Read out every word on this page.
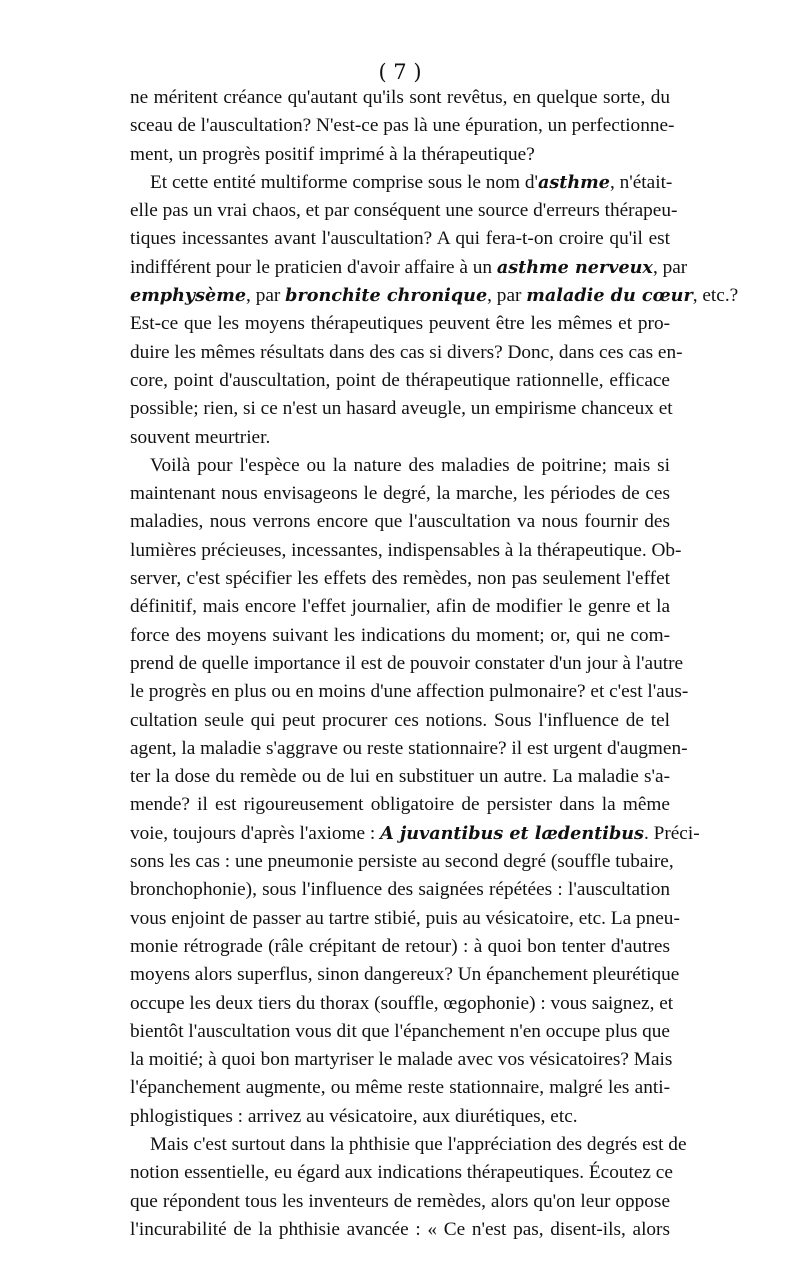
( 7 )
ne méritent créance qu'autant qu'ils sont revêtus, en quelque sorte, du
sceau de l'auscultation? N'est-ce pas là une épuration, un perfectionne-
ment, un progrès positif imprimé à la thérapeutique?
Et cette entité multiforme comprise sous le nom d'asthme, n'était-
elle pas un vrai chaos, et par conséquent une source d'erreurs thérapeu-
tiques incessantes avant l'auscultation? A qui fera-t-on croire qu'il est
indifférent pour le praticien d'avoir affaire à un asthme nerveux, par
emphysème, par bronchite chronique, par maladie du cœur, etc.?
Est-ce que les moyens thérapeutiques peuvent être les mêmes et pro-
duire les mêmes résultats dans des cas si divers? Donc, dans ces cas en-
core, point d'auscultation, point de thérapeutique rationnelle, efficace
possible; rien, si ce n'est un hasard aveugle, un empirisme chanceux et
souvent meurtrier.
Voilà pour l'espèce ou la nature des maladies de poitrine; mais si
maintenant nous envisageons le degré, la marche, les périodes de ces
maladies, nous verrons encore que l'auscultation va nous fournir des
lumières précieuses, incessantes, indispensables à la thérapeutique. Ob-
server, c'est spécifier les effets des remèdes, non pas seulement l'effet
définitif, mais encore l'effet journalier, afin de modifier le genre et la
force des moyens suivant les indications du moment; or, qui ne com-
prend de quelle importance il est de pouvoir constater d'un jour à l'autre
le progrès en plus ou en moins d'une affection pulmonaire? et c'est l'aus-
cultation seule qui peut procurer ces notions. Sous l'influence de tel
agent, la maladie s'aggrave ou reste stationnaire? il est urgent d'augmen-
ter la dose du remède ou de lui en substituer un autre. La maladie s'a-
mende? il est rigoureusement obligatoire de persister dans la même
voie, toujours d'après l'axiome : A juvantibus et lædentibus. Préci-
sons les cas : une pneumonie persiste au second degré (souffle tubaire,
bronchophonie), sous l'influence des saignées répétées : l'auscultation
vous enjoint de passer au tartre stibié, puis au vésicatoire, etc. La pneu-
monie rétrograde (râle crépitant de retour) : à quoi bon tenter d'autres
moyens alors superflus, sinon dangereux? Un épanchement pleurétique
occupe les deux tiers du thorax (souffle, œgophonie) : vous saignez, et
bientôt l'auscultation vous dit que l'épanchement n'en occupe plus que
la moitié; à quoi bon martyriser le malade avec vos vésicatoires? Mais
l'épanchement augmente, ou même reste stationnaire, malgré les anti-
phlogistiques : arrivez au vésicatoire, aux diurétiques, etc.
Mais c'est surtout dans la phthisie que l'appréciation des degrés est de
notion essentielle, eu égard aux indications thérapeutiques. Écoutez ce
que répondent tous les inventeurs de remèdes, alors qu'on leur oppose
l'incurabilité de la phthisie avancée : « Ce n'est pas, disent-ils, alors
